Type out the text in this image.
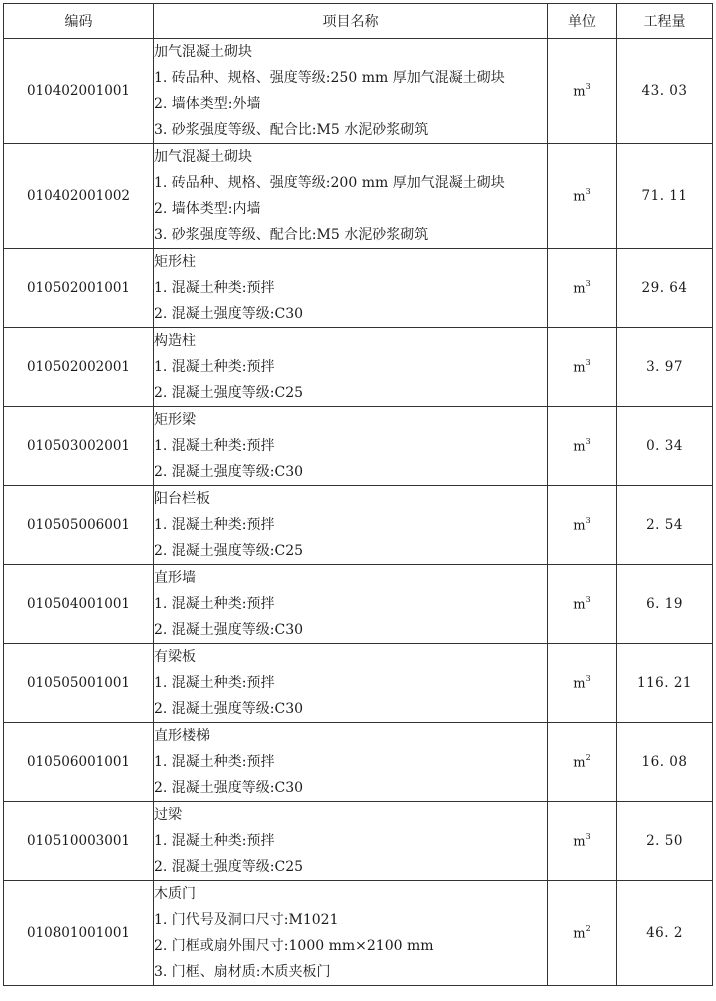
编码	项目名称	单位	工程量
010402001001	加气混凝土砌块
1. 砖品种、规格、强度等级:250 mm 厚加气混凝土砌块
2. 墙体类型:外墙
3. 砂浆强度等级、配合比:M5 水泥砂浆砌筑	$m^3$	43. 03
010402001002	加气混凝土砌块
1. 砖品种、规格、强度等级:200 mm 厚加气混凝土砌块
2. 墙体类型:内墙
3. 砂浆强度等级、配合比:M5 水泥砂浆砌筑	$m^3$	71. 11
010502001001	矩形柱
1. 混凝土种类:预拌
2. 混凝土强度等级:C30	$m^3$	29. 64
010502002001	构造柱
1. 混凝土种类:预拌
2. 混凝土强度等级:C25	$m^3$	3. 97
010503002001	矩形梁
1. 混凝土种类:预拌
2. 混凝土强度等级:C30	$m^3$	0. 34
010505006001	阳台栏板
1. 混凝土种类:预拌
2. 混凝土强度等级:C25	$m^3$	2. 54
010504001001	直形墙
1. 混凝土种类:预拌
2. 混凝土强度等级:C30	$m^3$	6. 19
010505001001	有梁板
1. 混凝土种类:预拌
2. 混凝土强度等级:C30	$m^3$	116. 21
010506001001	直形楼梯
1. 混凝土种类:预拌
2. 混凝土强度等级:C30	$m^2$	16. 08
010510003001	过梁
1. 混凝土种类:预拌
2. 混凝土强度等级:C25	$m^3$	2. 50
010801001001	木质门
1. 门代号及洞口尺寸:M1021
2. 门框或扇外围尺寸:1000 mm×2100 mm
3. 门框、扇材质:木质夹板门	$m^2$	46. 2
